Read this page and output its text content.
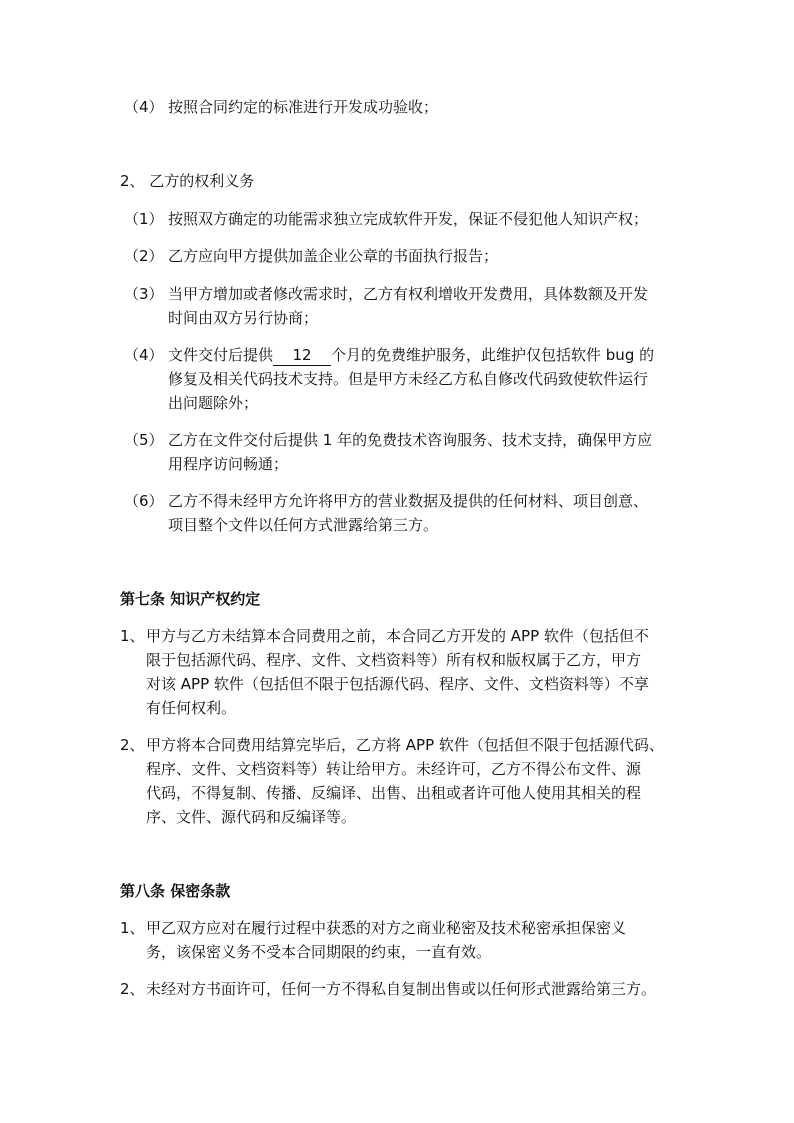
（4） 按照合同约定的标准进行开发成功验收；
2、 乙方的权利义务
（1） 按照双方确定的功能需求独立完成软件开发，保证不侵犯他人知识产权；
（2） 乙方应向甲方提供加盖企业公章的书面执行报告；
（3） 当甲方增加或者修改需求时，乙方有权利增收开发费用，具体数额及开发
时间由双方另行协商；
（4） 文件交付后提供 12 个月的免费维护服务，此维护仅包括软件 bug 的
修复及相关代码技术支持。但是甲方未经乙方私自修改代码致使软件运行
出问题除外；
（5） 乙方在文件交付后提供 1 年的免费技术咨询服务、技术支持，确保甲方应
用程序访问畅通；
（6） 乙方不得未经甲方允许将甲方的营业数据及提供的任何材料、项目创意、
项目整个文件以任何方式泄露给第三方。
第七条 知识产权约定
1、 甲方与乙方未结算本合同费用之前，本合同乙方开发的 APP 软件（包括但不
限于包括源代码、程序、文件、文档资料等）所有权和版权属于乙方，甲方
对该 APP 软件（包括但不限于包括源代码、程序、文件、文档资料等）不享
有任何权利。
2、 甲方将本合同费用结算完毕后，乙方将 APP 软件（包括但不限于包括源代码、
程序、文件、文档资料等）转让给甲方。未经许可，乙方不得公布文件、源
代码，不得复制、传播、反编译、出售、出租或者许可他人使用其相关的程
序、文件、源代码和反编译等。
第八条 保密条款
1、 甲乙双方应对在履行过程中获悉的对方之商业秘密及技术秘密承担保密义
务，该保密义务不受本合同期限的约束，一直有效。
2、 未经对方书面许可，任何一方不得私自复制出售或以任何形式泄露给第三方。
